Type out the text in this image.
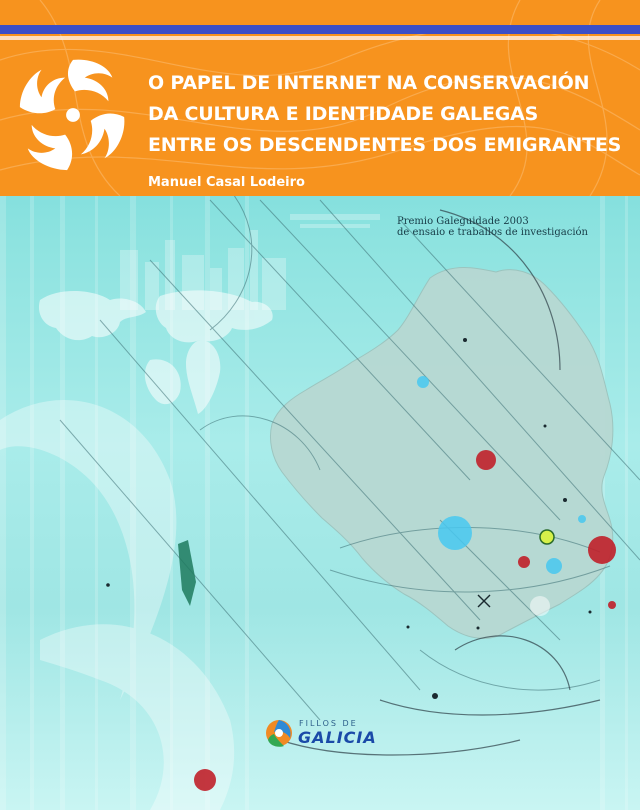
O PAPEL DE INTERNET NA CONSERVACIÓN
DA CULTURA E IDENTIDADE GALEGAS
ENTRE OS DESCENDENTES DOS EMIGRANTES

Manuel Casal Lodeiro

Premio Galeguidade 2003
de ensaio e traballos de investigación
FILLOS DE
GALICIA
